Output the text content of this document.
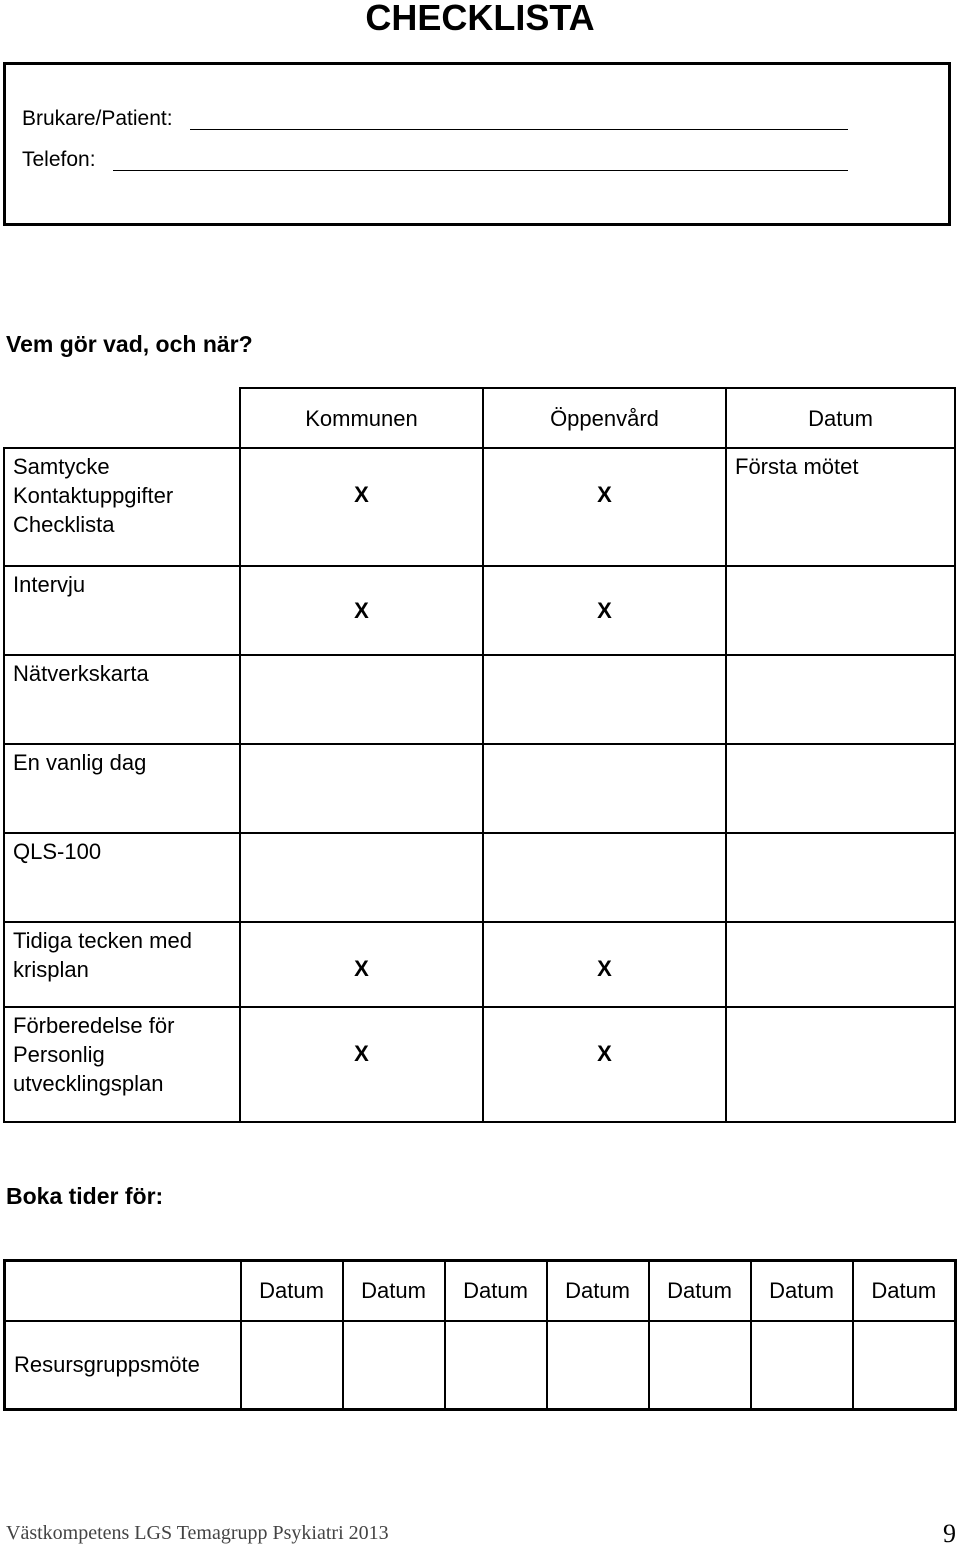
CHECKLISTA
Brukare/Patient:
Telefon:
Vem gör vad, och när?
	Kommunen	Öppenvård	Datum

Samtycke
Kontaktuppgifter
Checklista	X	X	Första mötet

Intervju	X	X	

Nätverkskarta			

En vanlig dag			

QLS-100			

Tidiga tecken med
krisplan	X	X	

Förberedelse för
Personlig
utvecklingsplan	X	X	
Boka tider för:
	Datum	Datum	Datum	Datum	Datum	Datum	Datum

Resursgruppsmöte							

Västkompetens LGS Temagrupp Psykiatri 2013	9
